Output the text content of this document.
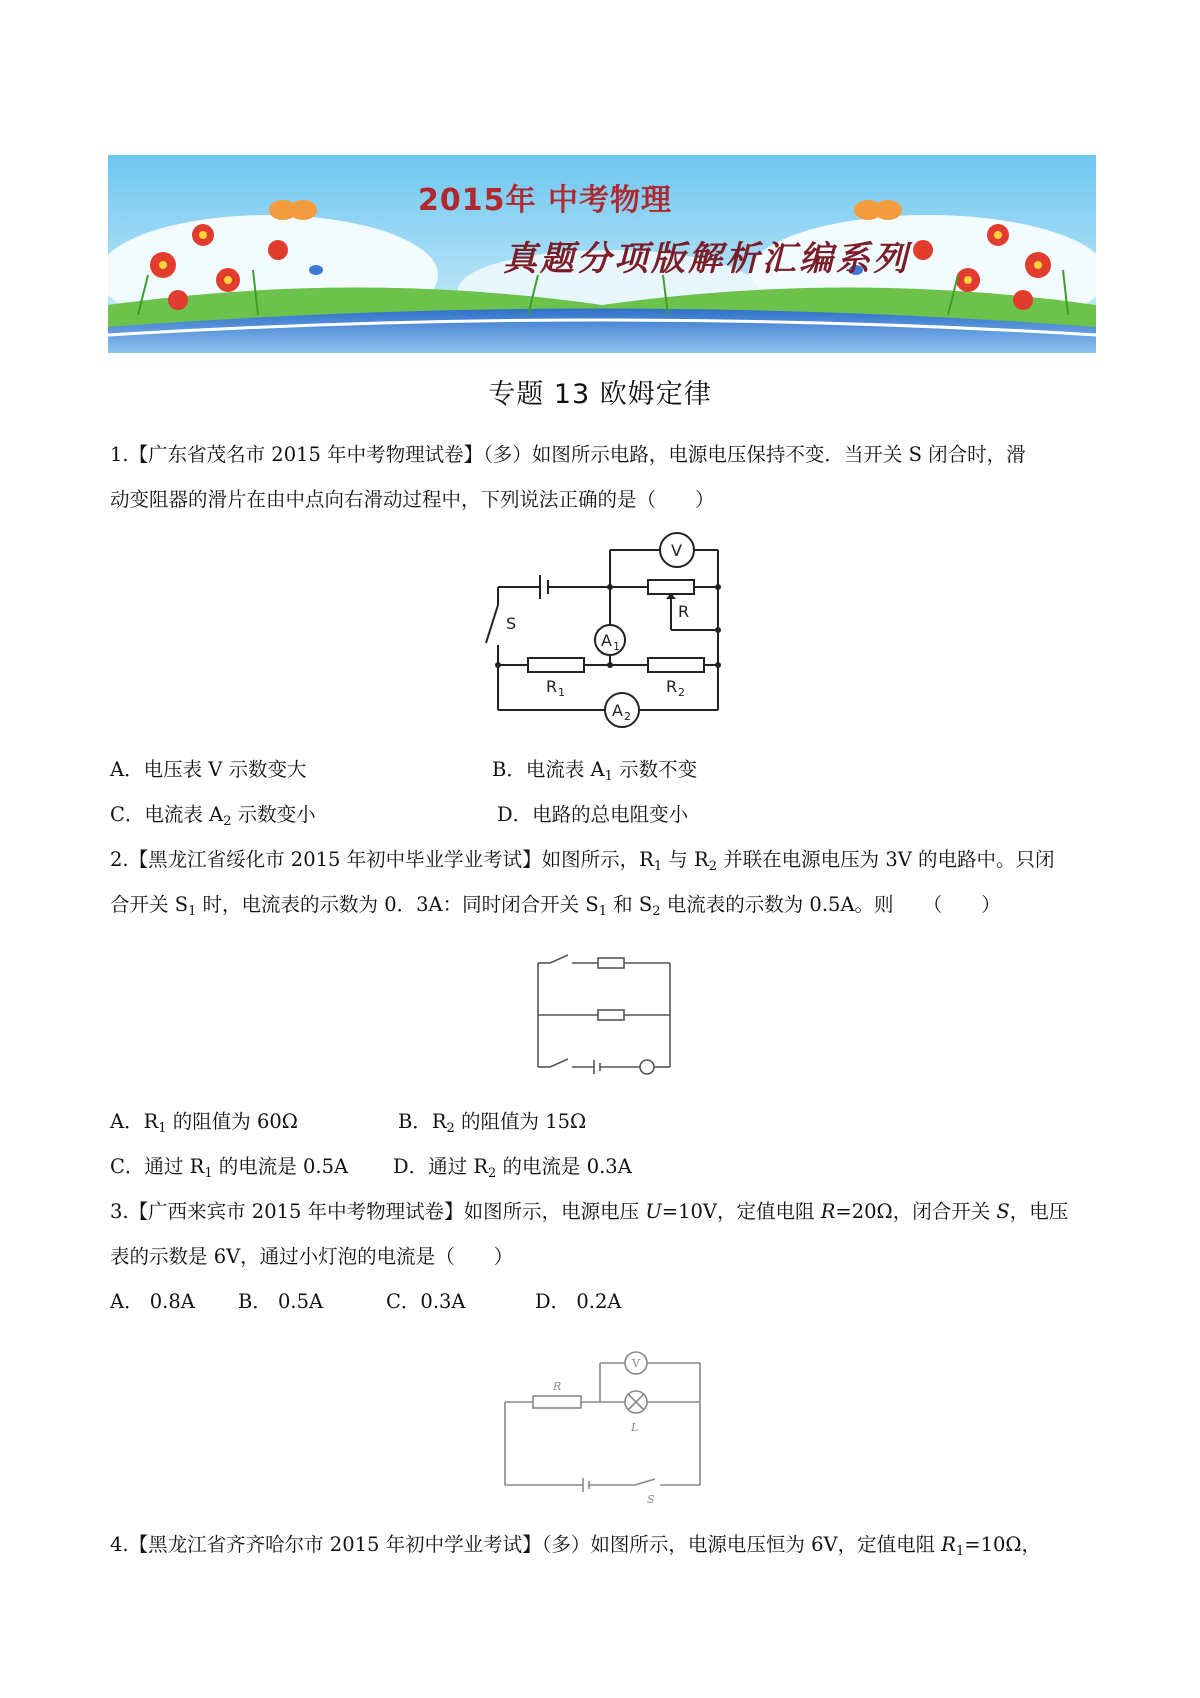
2015年 中考物理
真题分项版解析汇编系列
专题 13 欧姆定律
1.【广东省茂名市 2015 年中考物理试卷】（多）如图所示电路，电源电压保持不变．当开关 S 闭合时，滑
动变阻器的滑片在由中点向右滑动过程中，下列说法正确的是（　　）
V
A 1
A 2
R
R 1	R 2
S
A．电压表 V 示数变大	B．电流表 $A_1$ 示数不变
C．电流表 $A_2$ 示数变小	D．电路的总电阻变小
2.【黑龙江省绥化市 2015 年初中毕业学业考试】如图所示，$R_1$ 与 $R_2$ 并联在电源电压为 3V 的电路中。只闭
合开关 $S_1$ 时，电流表的示数为 0．3A：同时闭合开关 $S_1$ 和 $S_2$ 电流表的示数为 0.5A。则　　（　　）
A．$R_1$ 的阻值为 60Ω	B．$R_2$ 的阻值为 15Ω
C．通过 $R_1$ 的电流是 0.5A D．通过 $R_2$ 的电流是 0.3A
3.【广西来宾市 2015 年中考物理试卷】如图所示，电源电压 U=10V，定值电阻 R=20Ω，闭合开关 S，电压
表的示数是 6V，通过小灯泡的电流是（　　）
A． 0.8A B． 0.5A	C．0.3A	D． 0.2A
V
R
L
S
4.【黑龙江省齐齐哈尔市 2015 年初中学业考试】（多）如图所示，电源电压恒为 6V，定值电阻 $R_1=10\Omega$，
